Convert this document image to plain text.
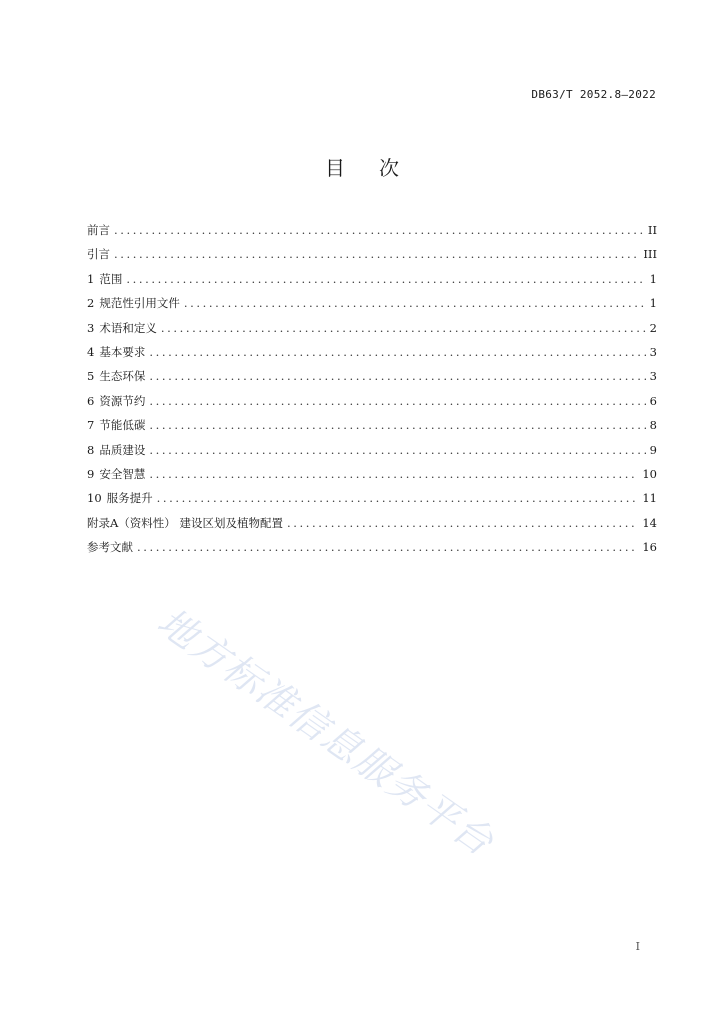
DB63/T 2052.8—2022
目 次
前言 .....	II
引言 .....	III
1 范围 .....	1
2 规范性引用文件 .....	1
3 术语和定义 .....	2
4 基本要求 .....	3
5 生态环保 .....	3
6 资源节约 .....	6
7 节能低碳 .....	8
8 品质建设 .....	9
9 安全智慧 .....	10
10 服务提升 .....	11
附录A（资料性） 建设区划及植物配置 .....	14
参考文献 .....	16
地方标准信息服务平台
I
